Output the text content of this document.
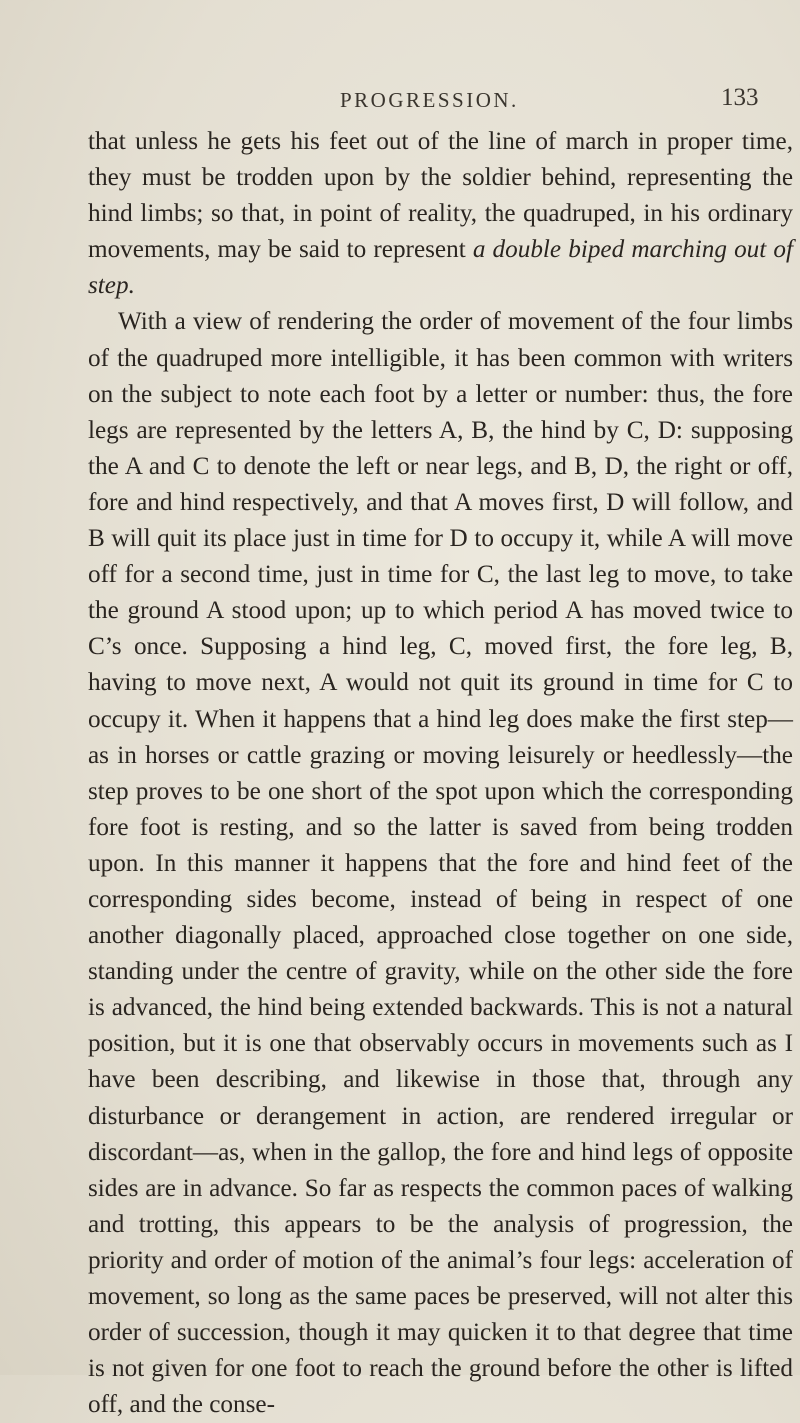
PROGRESSION.	133

that unless he gets his feet out of the line of march in proper time, they must be trodden upon by the soldier behind, representing the hind limbs; so that, in point of reality, the quadruped, in his ordinary movements, may be said to represent a double biped marching out of step.

With a view of rendering the order of movement of the four limbs of the quadruped more intelligible, it has been common with writers on the subject to note each foot by a letter or number: thus, the fore legs are represented by the letters A, B, the hind by C, D: supposing the A and C to denote the left or near legs, and B, D, the right or off, fore and hind respectively, and that A moves first, D will follow, and B will quit its place just in time for D to occupy it, while A will move off for a second time, just in time for C, the last leg to move, to take the ground A stood upon; up to which period A has moved twice to C’s once. Supposing a hind leg, C, moved first, the fore leg, B, having to move next, A would not quit its ground in time for C to occupy it. When it happens that a hind leg does make the first step—as in horses or cattle grazing or moving leisurely or heedlessly—the step proves to be one short of the spot upon which the corresponding fore foot is resting, and so the latter is saved from being trodden upon. In this manner it happens that the fore and hind feet of the corresponding sides become, instead of being in respect of one another diagonally placed, approached close together on one side, standing under the centre of gravity, while on the other side the fore is advanced, the hind being extended backwards. This is not a natural position, but it is one that observably occurs in movements such as I have been describing, and likewise in those that, through any disturbance or derangement in action, are rendered irregular or discordant—as, when in the gallop, the fore and hind legs of opposite sides are in advance. So far as respects the common paces of walking and trotting, this appears to be the analysis of progression, the priority and order of motion of the animal’s four legs: acceleration of movement, so long as the same paces be preserved, will not alter this order of succession, though it may quicken it to that degree that time is not given for one foot to reach the ground before the other is lifted off, and the conse-
